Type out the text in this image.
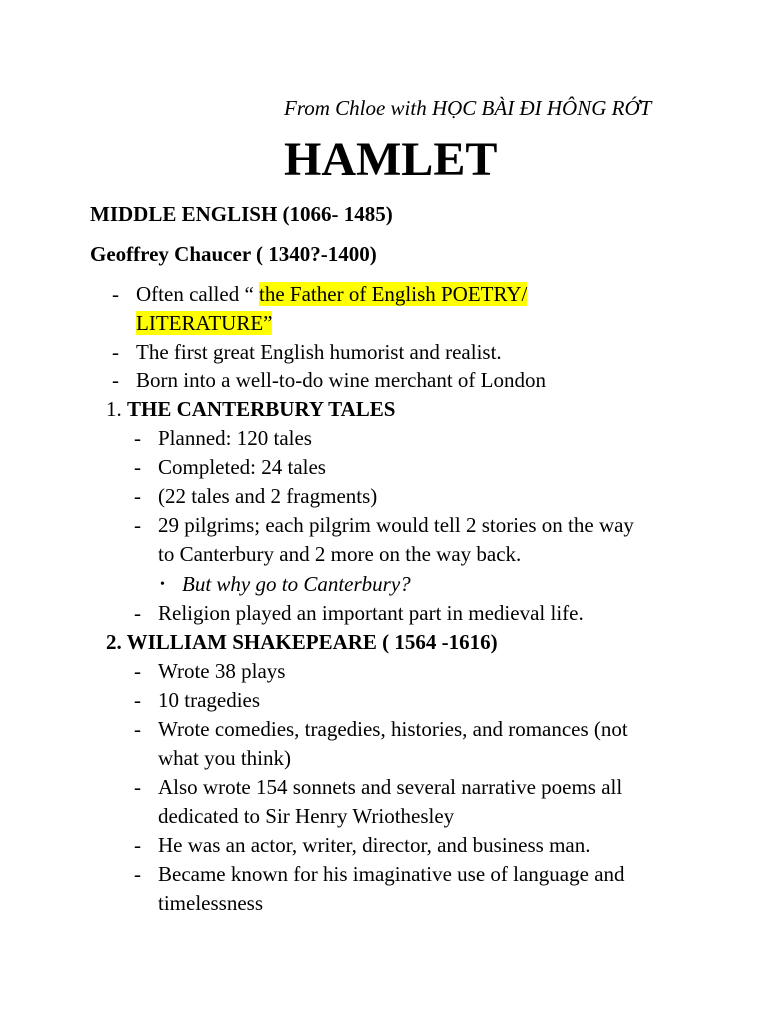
From Chloe with HỌC BÀI ĐI HÔNG RỚT
HAMLET
MIDDLE ENGLISH (1066- 1485)
Geoffrey Chaucer ( 1340?-1400)
- Often called “ the Father of English POETRY/
LITERATURE”
- The first great English humorist and realist.
- Born into a well-to-do wine merchant of London
1. THE CANTERBURY TALES
- Planned: 120 tales
- Completed: 24 tales
- (22 tales and 2 fragments)
- 29 pilgrims; each pilgrim would tell 2 stories on the way
to Canterbury and 2 more on the way back.
• But why go to Canterbury?
- Religion played an important part in medieval life.
2. WILLIAM SHAKEPEARE ( 1564 -1616)
- Wrote 38 plays
- 10 tragedies
- Wrote comedies, tragedies, histories, and romances (not
what you think)
- Also wrote 154 sonnets and several narrative poems all
dedicated to Sir Henry Wriothesley
- He was an actor, writer, director, and business man.
- Became known for his imaginative use of language and
timelessness
